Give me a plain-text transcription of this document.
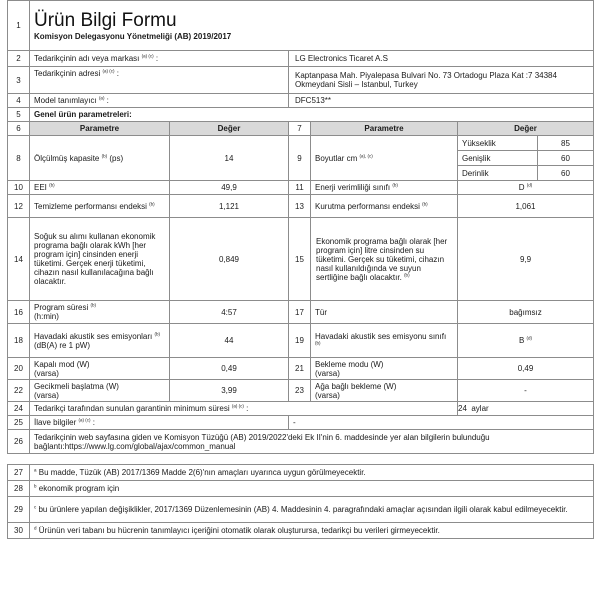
1	Ürün Bilgi Formu
Komisyon Delegasyonu Yönetmeliği (AB) 2019/2017					

2	Tedarikçinin adı veya markası $^{(a) (c)}$ :		LG Electronics Ticaret A.S			
3	Tedarikçinin adresi $^{(a) (c)}$ :		Kaptanpasa Mah. Piyalepasa Bulvari No. 73 Ortadogu Plaza Kat :7 34384 Okmeydani Sisli – Istanbul, Turkey			
4	Model tanımlayıcı $^{(a)}$ :		DFC513**			
5	Genel ürün parametreleri:					
6	Parametre	Değer	7	Parametre	Değer	
8	Ölçülmüş kapasite $^{(b)}$ (ps)	14	9	Boyutlar cm $^{(a), (c)}$	Yükseklik	85
					Genişlik	60
					Derinlik	60
10	EEI $^{(b)}$	49,9	11	Enerji verimliliği sınıfı $^{(b)}$	D $^{(d)}$
12	Temizleme performansı endeksi $^{(b)}$	1,121	13	Kurutma performansı endeksi $^{(b)}$	1,061	
14	Soğuk su alımı kullanan ekonomik programa bağlı olarak kWh [her program için] cinsinden enerji tüketimi. Gerçek enerji tüketimi, cihazın nasıl kullanılacağına bağlı olacaktır.	0,849	15	Ekonomik programa bağlı olarak [her program için] litre cinsinden su tüketimi. Gerçek su tüketimi, cihazın nasıl kullanıldığında ve suyun sertliğine bağlı olacaktır. $^{(b)}$	9,9	
16	Program süresi $^{(b)}$
(h:min)	4:57	17	Tür	bağımsız	
18	Havadaki akustik ses emisyonları $^{(b)}$
(dB(A) re 1 pW)	44	19	Havadaki akustik ses emisyonu sınıfı $^{(b)}$	B $^{(d)}$
20	Kapalı mod (W)
(varsa)	0,49	21	Bekleme modu (W)
(varsa)	0,49	
22	Gecikmeli başlatma (W)
(varsa)	3,99	23	Ağa bağlı bekleme (W)
(varsa)	-	
24	Tedarikçi tarafından sunulan garantinin minimum süresi $^{(a) (c)}$ :				24 aylar	
25	İlave bilgiler $^{(a) (c)}$ :		-			
26	Tedarikçinin web sayfasına giden ve Komisyon Tüzüğü (AB) 2019/2022'deki Ek II'nin 6. maddesinde yer alan bilgilerin bulunduğu
bağlantı:https://www.lg.com/global/ajax/common_manual					
27	$^a$ Bu madde, Tüzük (AB) 2017/1369 Madde 2(6)'nın amaçları uyarınca uygun görülmeyecektir.
28	$^b$ ekonomik program için
29	$^c$ bu ürünlere yapılan değişiklikler, 2017/1369 Düzenlemesinin (AB) 4. Maddesinin 4. paragrafındaki amaçlar açısından ilgili olarak kabul edilmeyecektir.
30	$^d$ Ürünün veri tabanı bu hücrenin tanımlayıcı içeriğini otomatik olarak oluşturursa, tedarikçi bu verileri girmeyecektir.
